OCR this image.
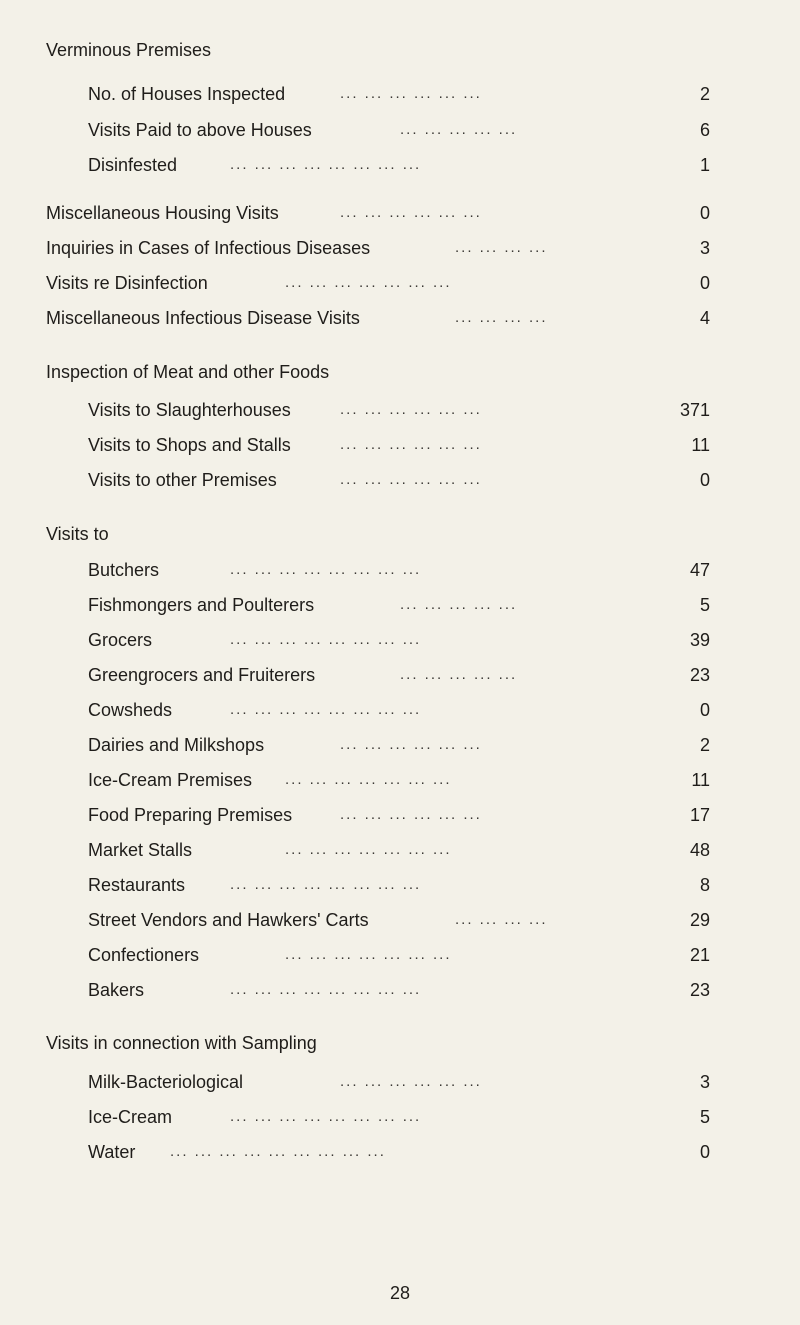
Verminous Premises
No. of Houses Inspected	... ... ... ... ... ...	2
Visits Paid to above Houses	... ... ... ... ...	6
Disinfested	... ... ... ... ... ... ... ...	1
Miscellaneous Housing Visits	... ... ... ... ... ...	0
Inquiries in Cases of Infectious Diseases	... ... ... ...	3
Visits re Disinfection	... ... ... ... ... ... ...	0
Miscellaneous Infectious Disease Visits	... ... ... ...	4
Inspection of Meat and other Foods
Visits to Slaughterhouses	... ... ... ... ... ...	371
Visits to Shops and Stalls	... ... ... ... ... ...	11
Visits to other Premises	... ... ... ... ... ...	0
Visits to
Butchers	... ... ... ... ... ... ... ...	47
Fishmongers and Poulterers	... ... ... ... ...	5
Grocers	... ... ... ... ... ... ... ...	39
Greengrocers and Fruiterers	... ... ... ... ...	23
Cowsheds	... ... ... ... ... ... ... ...	0
Dairies and Milkshops	... ... ... ... ... ...	2
Ice-Cream Premises ... ... ... ... ... ... ...	11
Food Preparing Premises	... ... ... ... ... ...	17
Market Stalls	... ... ... ... ... ... ...	48
Restaurants	... ... ... ... ... ... ... ...	8
Street Vendors and Hawkers' Carts	... ... ... ...	29
Confectioners	... ... ... ... ... ... ...	21
Bakers	... ... ... ... ... ... ... ...	23
Visits in connection with Sampling
Milk-Bacteriological	... ... ... ... ... ...	3
Ice-Cream	... ... ... ... ... ... ... ...	5
Water ... ... ... ... ... ... ... ... ...	0
28
